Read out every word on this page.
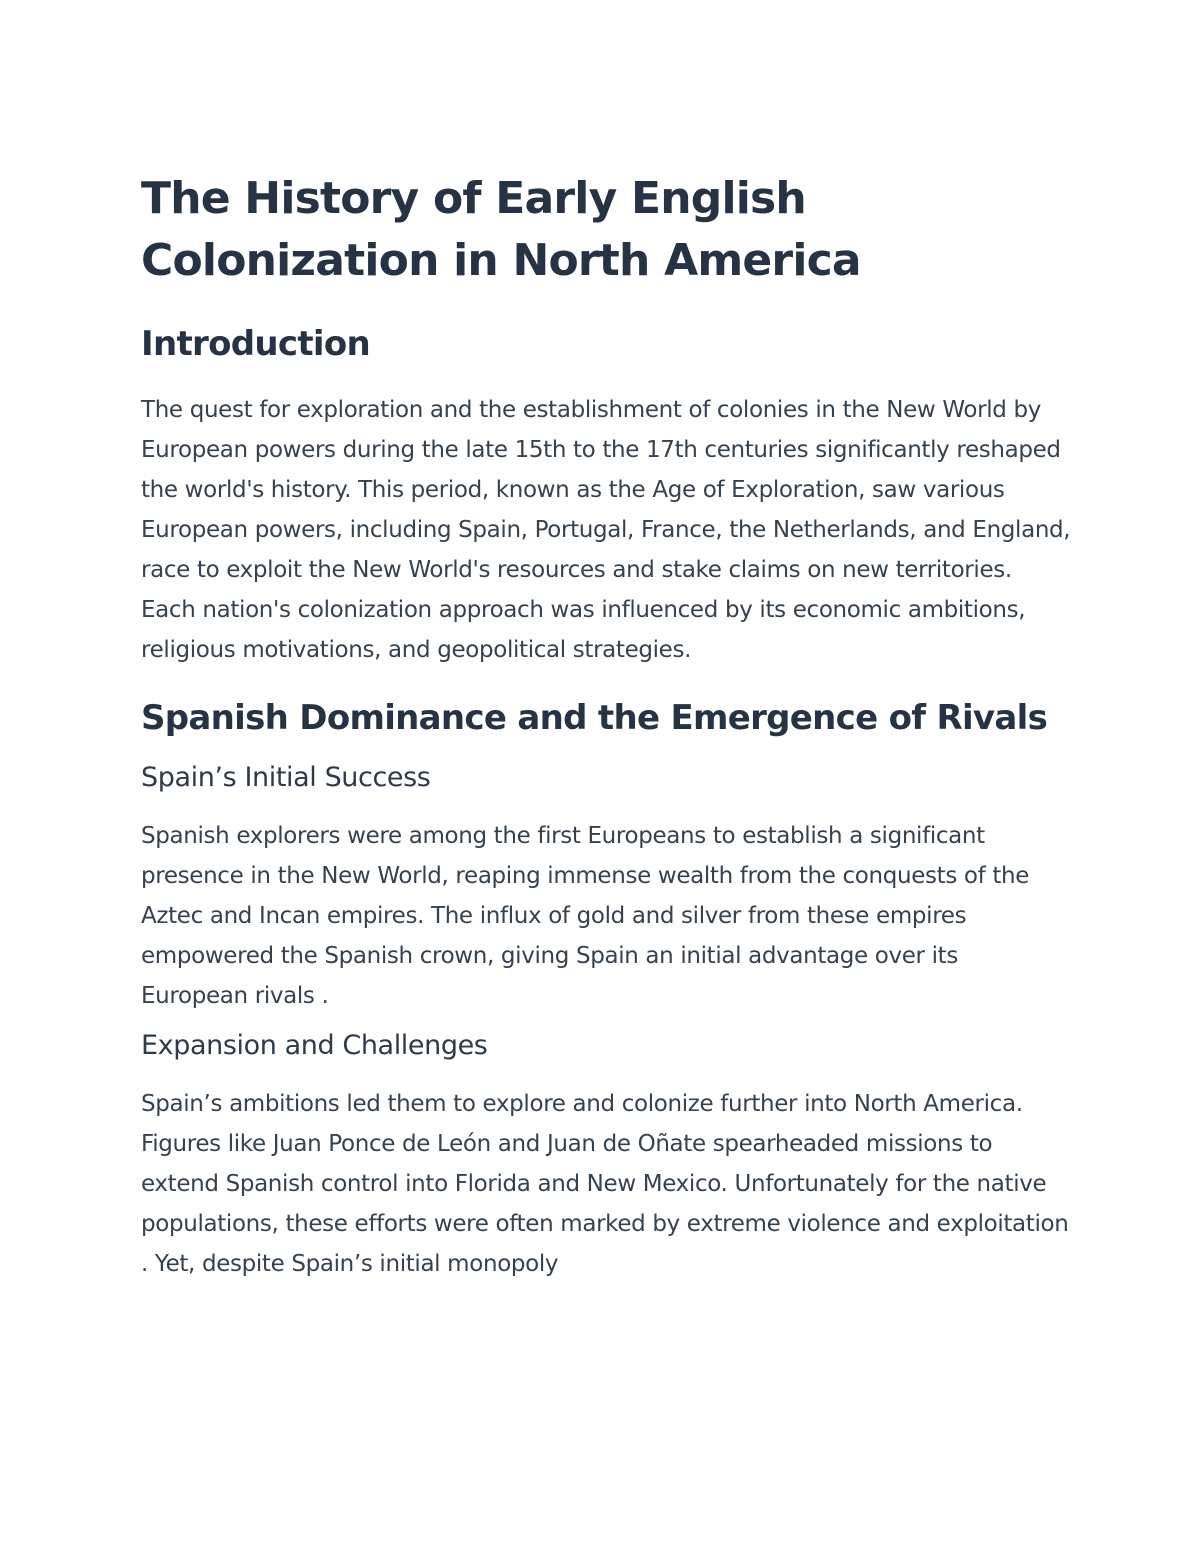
The History of Early English
Colonization in North America
Introduction

The quest for exploration and the establishment of colonies in the New World by European powers during the late 15th to the 17th centuries significantly reshaped the world's history. This period, known as the Age of Exploration, saw various European powers, including Spain, Portugal, France, the Netherlands, and England, race to exploit the New World's resources and stake claims on new territories. Each nation's colonization approach was influenced by its economic ambitions, religious motivations, and geopolitical strategies.

Spanish Dominance and the Emergence of Rivals
Spain’s Initial Success

Spanish explorers were among the first Europeans to establish a significant presence in the New World, reaping immense wealth from the conquests of the Aztec and Incan empires. The influx of gold and silver from these empires empowered the Spanish crown, giving Spain an initial advantage over its European rivals .

Expansion and Challenges

Spain’s ambitions led them to explore and colonize further into North America. Figures like Juan Ponce de León and Juan de Oñate spearheaded missions to extend Spanish control into Florida and New Mexico. Unfortunately for the native populations, these efforts were often marked by extreme violence and exploitation . Yet, despite Spain’s initial monopoly
